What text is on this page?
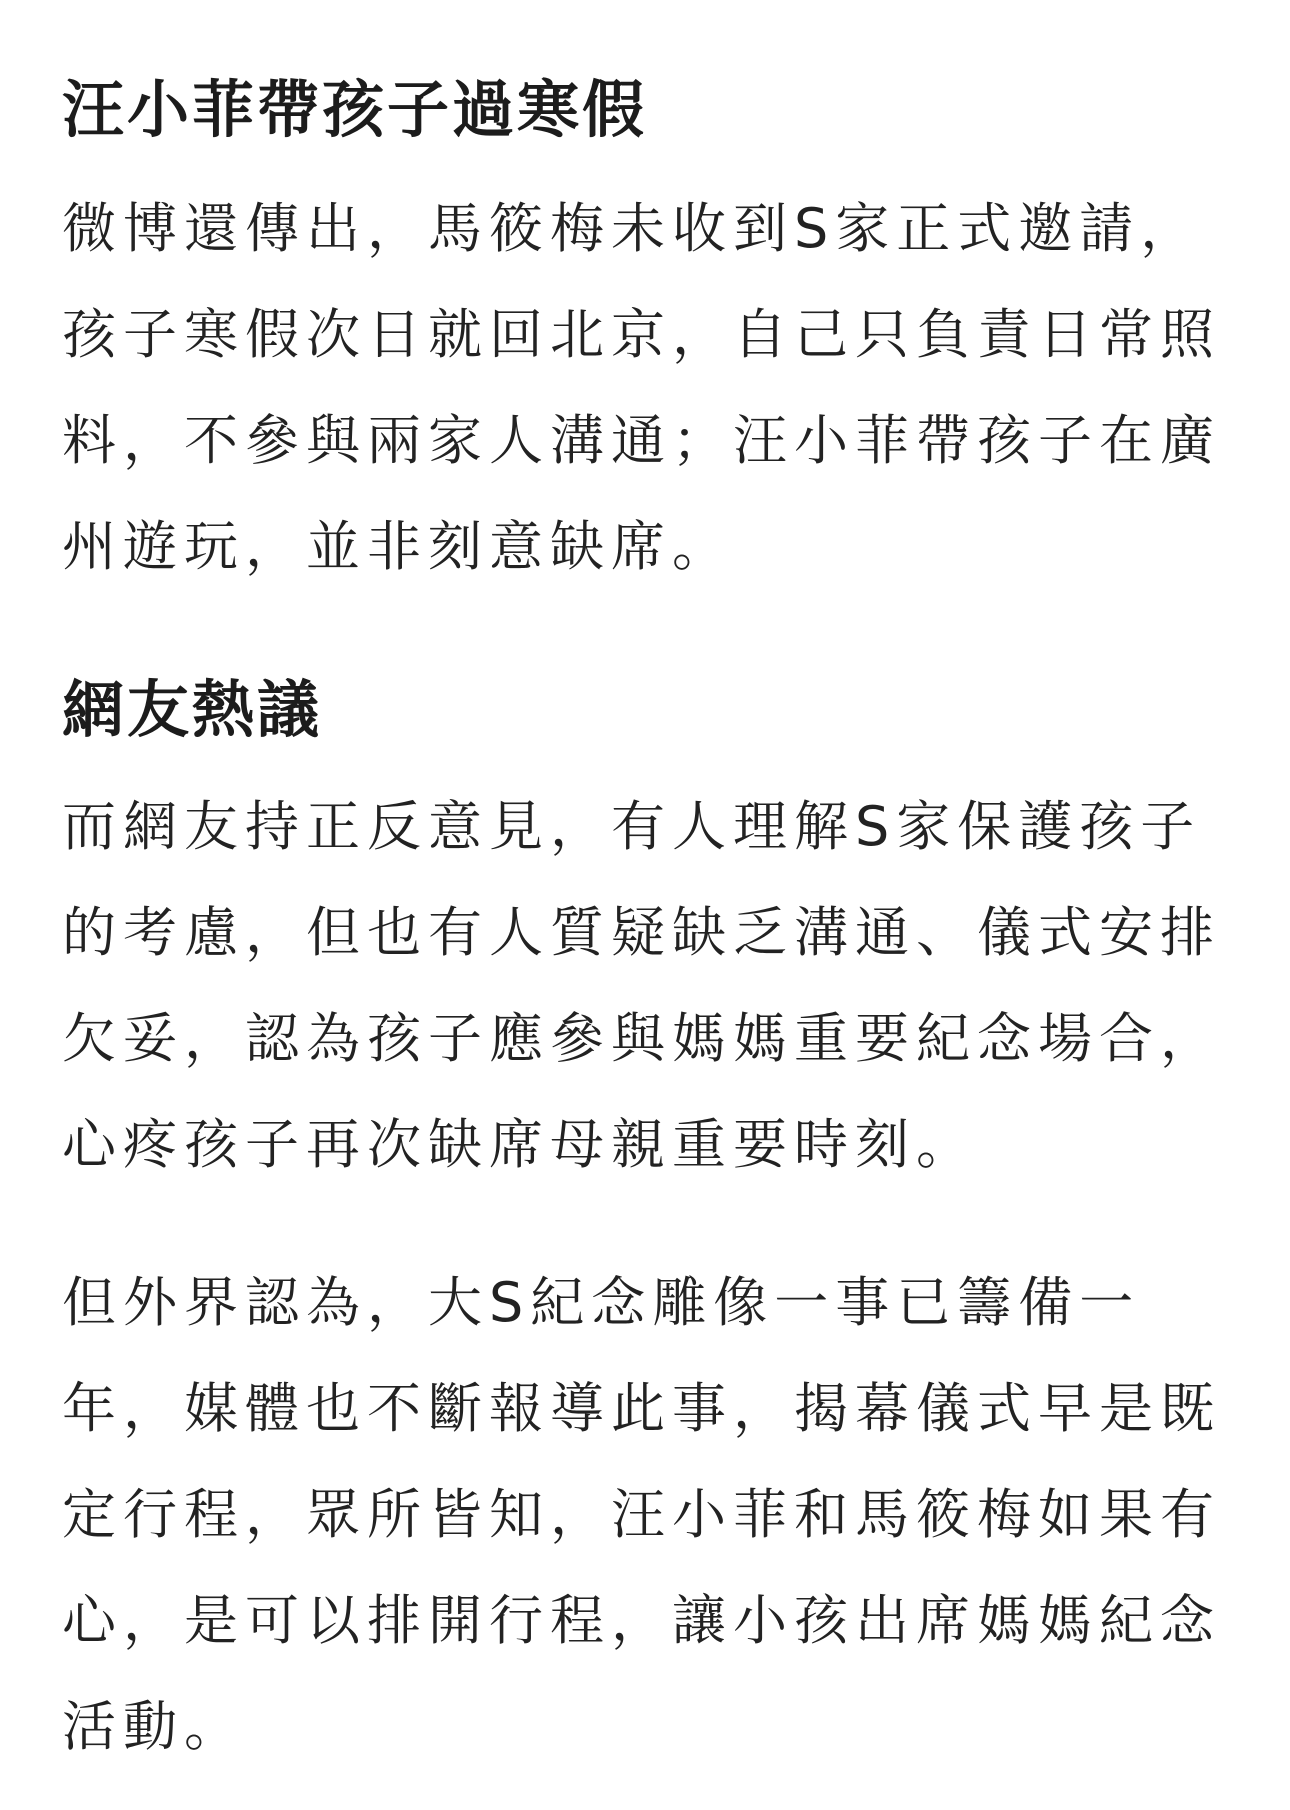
汪小菲帶孩子過寒假

微博還傳出，馬筱梅未收到S家正式邀請，孩子寒假次日就回北京，自己只負責日常照料，不參與兩家人溝通；汪小菲帶孩子在廣州遊玩，並非刻意缺席。

網友熱議

而網友持正反意見，有人理解S家保護孩子的考慮，但也有人質疑缺乏溝通、儀式安排欠妥，認為孩子應參與媽媽重要紀念場合，心疼孩子再次缺席母親重要時刻。

但外界認為，大S紀念雕像一事已籌備一年，媒體也不斷報導此事，揭幕儀式早是既定行程，眾所皆知，汪小菲和馬筱梅如果有心，是可以排開行程，讓小孩出席媽媽紀念活動。
